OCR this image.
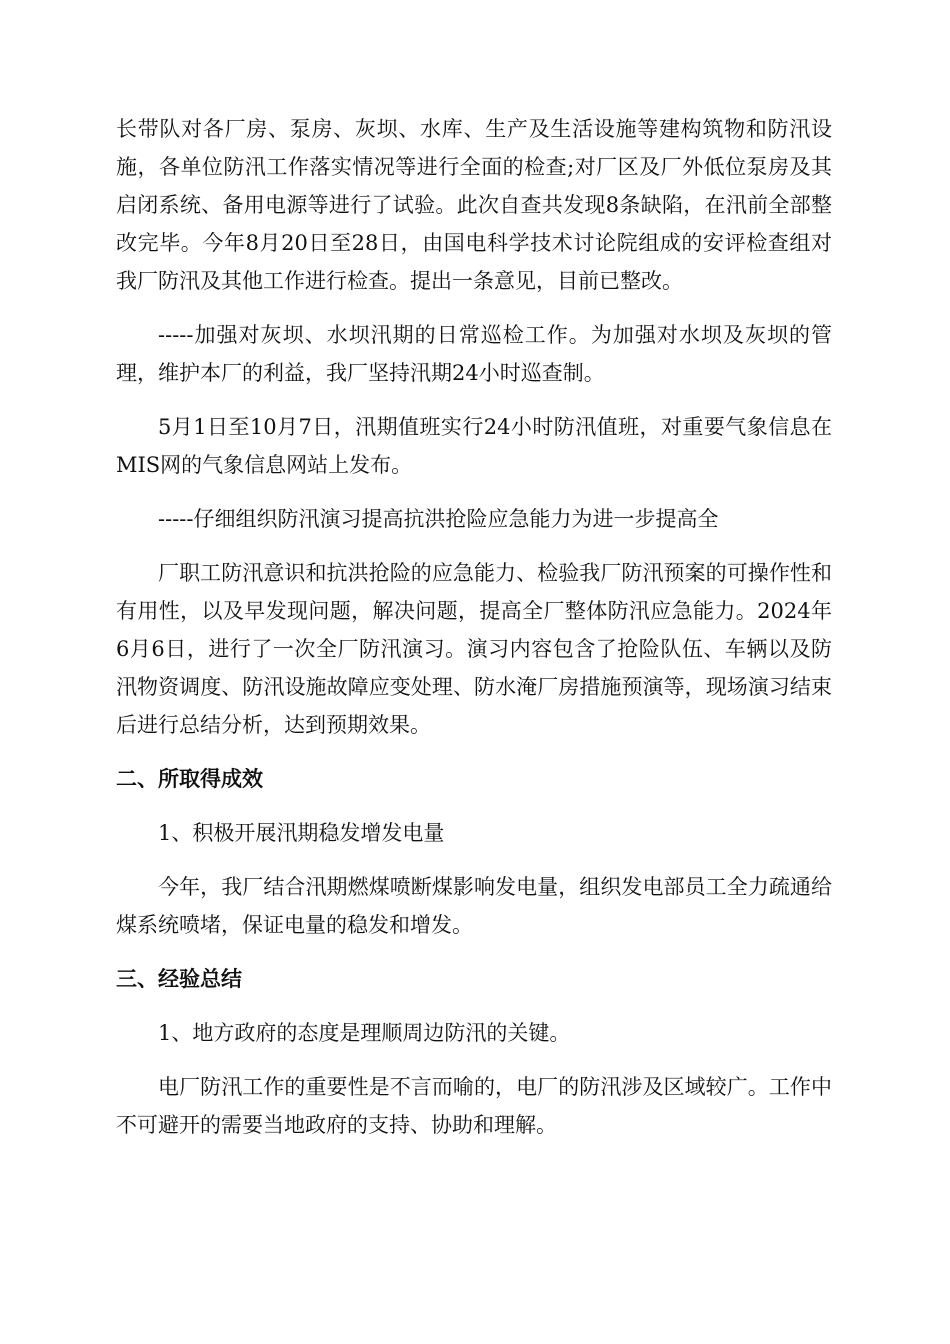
长带队对各厂房、泵房、灰坝、水库、生产及生活设施等建构筑物和防汛设施，各单位防汛工作落实情况等进行全面的检查;对厂区及厂外低位泵房及其启闭系统、备用电源等进行了试验。此次自查共发现8条缺陷，在汛前全部整改完毕。今年8月20日至28日，由国电科学技术讨论院组成的安评检查组对我厂防汛及其他工作进行检查。提出一条意见，目前已整改。

-----加强对灰坝、水坝汛期的日常巡检工作。为加强对水坝及灰坝的管理，维护本厂的利益，我厂坚持汛期24小时巡查制。

5月1日至10月7日，汛期值班实行24小时防汛值班，对重要气象信息在MIS网的气象信息网站上发布。

-----仔细组织防汛演习提高抗洪抢险应急能力为进一步提高全

厂职工防汛意识和抗洪抢险的应急能力、检验我厂防汛预案的可操作性和有用性，以及早发现问题，解决问题，提高全厂整体防汛应急能力。2024年6月6日，进行了一次全厂防汛演习。演习内容包含了抢险队伍、车辆以及防汛物资调度、防汛设施故障应变处理、防水淹厂房措施预演等，现场演习结束后进行总结分析，达到预期效果。

二、所取得成效

1、积极开展汛期稳发增发电量

今年，我厂结合汛期燃煤喷断煤影响发电量，组织发电部员工全力疏通给煤系统喷堵，保证电量的稳发和增发。

三、经验总结

1、地方政府的态度是理顺周边防汛的关键。

电厂防汛工作的重要性是不言而喻的，电厂的防汛涉及区域较广。工作中不可避开的需要当地政府的支持、协助和理解。
